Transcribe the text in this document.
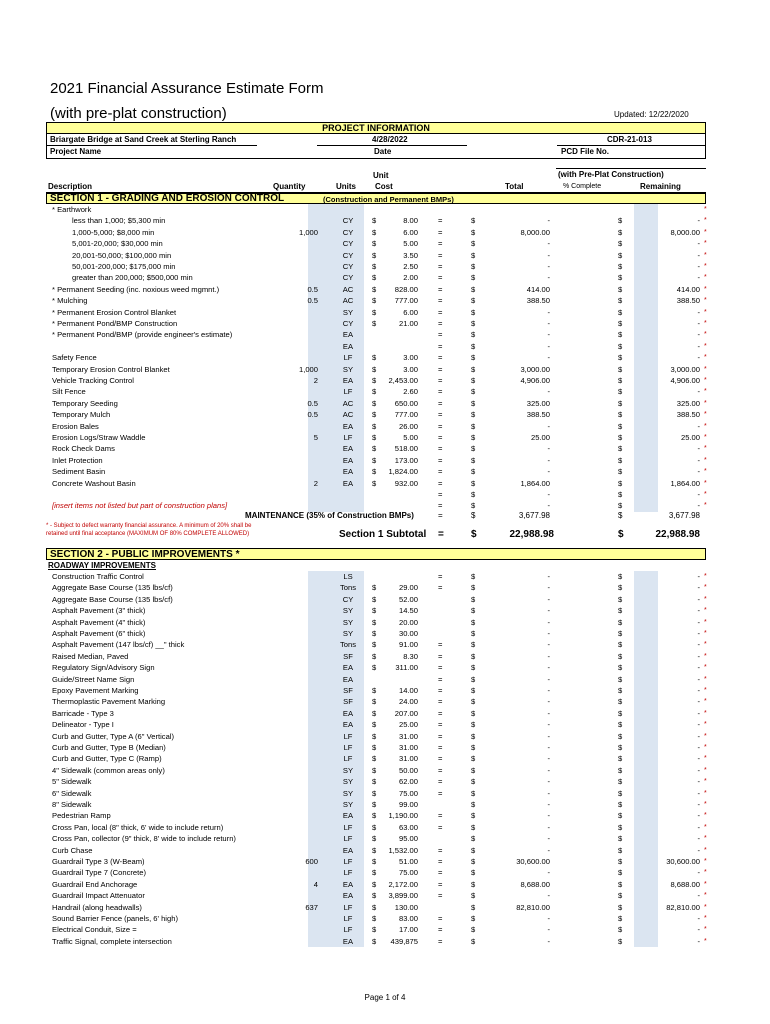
2021 Financial Assurance Estimate Form
(with pre-plat construction)	Updated: 12/22/2020
PROJECT INFORMATION
Briargate Bridge at Sand Creek at Sterling Ranch
Project Name
4/28/2022
Date
CDR-21-013
PCD File No.
Unit	(with Pre-Plat Construction)
Description	Quantity	Units Cost	Total	% Complete	Remaining
SECTION 1 - GRADING AND EROSION CONTROL	(Construction and Permanent BMPs)
* Earthwork	*
less than 1,000; $5,300 min	CY	$	8.00	=	$	-	$	- *
1,000-5,000; $8,000 min	1,000	CY	$	6.00	=	$	8,000.00	$	8,000.00 *
5,001-20,000; $30,000 min	CY	$	5.00	=	$	-	$	- *
20,001-50,000; $100,000 min	CY	$	3.50	=	$	-	$	- *
50,001-200,000; $175,000 min	CY	$	2.50	=	$	-	$	- *
greater than 200,000; $500,000 min	CY	$	2.00	=	$	-	$	- *
* Permanent Seeding (inc. noxious weed mgmnt.)	0.5	AC	$	828.00	=	$	414.00	$	414.00 *
* Mulching	0.5	AC	$	777.00	=	$	388.50	$	388.50 *
* Permanent Erosion Control Blanket	SY	$	6.00	=	$	-	$	- *
* Permanent Pond/BMP Construction	CY	$	21.00	=	$	-	$	- *
* Permanent Pond/BMP (provide engineer's estimate)	EA	=	$	-	$	- *
EA	=	$	-	$	- *
Safety Fence	LF	$	3.00	=	$	-	$	- *
Temporary Erosion Control Blanket	1,000	SY	$	3.00	=	$	3,000.00	$	3,000.00 *
Vehicle Tracking Control	2	EA	$	2,453.00	=	$	4,906.00	$	4,906.00 *
Silt Fence	LF	$	2.60	=	$	-	$	- *
Temporary Seeding	0.5	AC	$	650.00	=	$	325.00	$	325.00 *
Temporary Mulch	0.5	AC	$	777.00	=	$	388.50	$	388.50 *
Erosion Bales	EA	$	26.00	=	$	-	$	- *
Erosion Logs/Straw Waddle	5	LF	$	5.00	=	$	25.00	$	25.00 *
Rock Check Dams	EA	$	518.00	=	$	-	$	- *
Inlet Protection	EA	$	173.00	=	$	-	$	- *
Sediment Basin	EA	$	1,824.00	=	$	-	$	- *
Concrete Washout Basin	2	EA	$	932.00	=	$	1,864.00	$	1,864.00 *
=	$	-	$	- *
[insert items not listed but part of construction plans]	=	$	-	$	- *
MAINTENANCE (35% of Construction BMPs)	=	$	3,677.98	$	3,677.98
* - Subject to defect warranty financial assurance. A minimum of 20% shall be retained until final acceptance (MAXIMUM OF 80% COMPLETE ALLOWED)	Section 1 Subtotal =	$	22,988.98	$	22,988.98
SECTION 2 - PUBLIC IMPROVEMENTS *
ROADWAY IMPROVEMENTS
Construction Traffic Control	LS	=	$	-	$	- *
Aggregate Base Course (135 lbs/cf)	Tons	$	29.00	=	$	-	$	- *
Aggregate Base Course (135 lbs/cf)	CY	$	52.00	$	-	$	- *
Asphalt Pavement (3" thick)	SY	$	14.50	$	-	$	- *
Asphalt Pavement (4" thick)	SY	$	20.00	$	-	$	- *
Asphalt Pavement (6" thick)	SY	$	30.00	$	-	$	- *
Asphalt Pavement (147 lbs/cf) __" thick	Tons	$	91.00	=	$	-	$	- *
Raised Median, Paved	SF	$	8.30	=	$	-	$	- *
Regulatory Sign/Advisory Sign	EA	$	311.00	=	$	-	$	- *
Guide/Street Name Sign	EA	=	$	-	$	- *
Epoxy Pavement Marking	SF	$	14.00	=	$	-	$	- *
Thermoplastic Pavement Marking	SF	$	24.00	=	$	-	$	- *
Barricade - Type 3	EA	$	207.00	=	$	-	$	- *
Delineator - Type I	EA	$	25.00	=	$	-	$	- *
Curb and Gutter, Type A (6" Vertical)	LF	$	31.00	=	$	-	$	- *
Curb and Gutter, Type B (Median)	LF	$	31.00	=	$	-	$	- *
Curb and Gutter, Type C (Ramp)	LF	$	31.00	=	$	-	$	- *
4" Sidewalk (common areas only)	SY	$	50.00	=	$	-	$	- *
5" Sidewalk	SY	$	62.00	=	$	-	$	- *
6" Sidewalk	SY	$	75.00	=	$	-	$	- *
8" Sidewalk	SY	$	99.00	$	-	$	- *
Pedestrian Ramp	EA	$	1,190.00	=	$	-	$	- *
Cross Pan, local (8" thick, 6' wide to include return)	LF	$	63.00	=	$	-	$	- *
Cross Pan, collector (9" thick, 8' wide to include return)	LF	$	95.00	$	-	$	- *
Curb Chase	EA	$	1,532.00	=	$	-	$	- *
Guardrail Type 3 (W-Beam)	600	LF	$	51.00	=	$	30,600.00	$	30,600.00 *
Guardrail Type 7 (Concrete)	LF	$	75.00	=	$	-	$	- *
Guardrail End Anchorage	4	EA	$	2,172.00	=	$	8,688.00	$	8,688.00 *
Guardrail Impact Attenuator	EA	$	3,899.00	=	$	-	$	- *
Handrail (along headwalls)	637	LF	$	130.00	$	82,810.00	$	82,810.00 *
Sound Barrier Fence (panels, 6' high)	LF	$	83.00	=	$	-	$	- *
Electrical Conduit, Size =	LF	$	17.00	=	$	-	$	- *
Traffic Signal, complete intersection	EA	$	439,875	=	$	-	$	- *
Page 1 of 4
